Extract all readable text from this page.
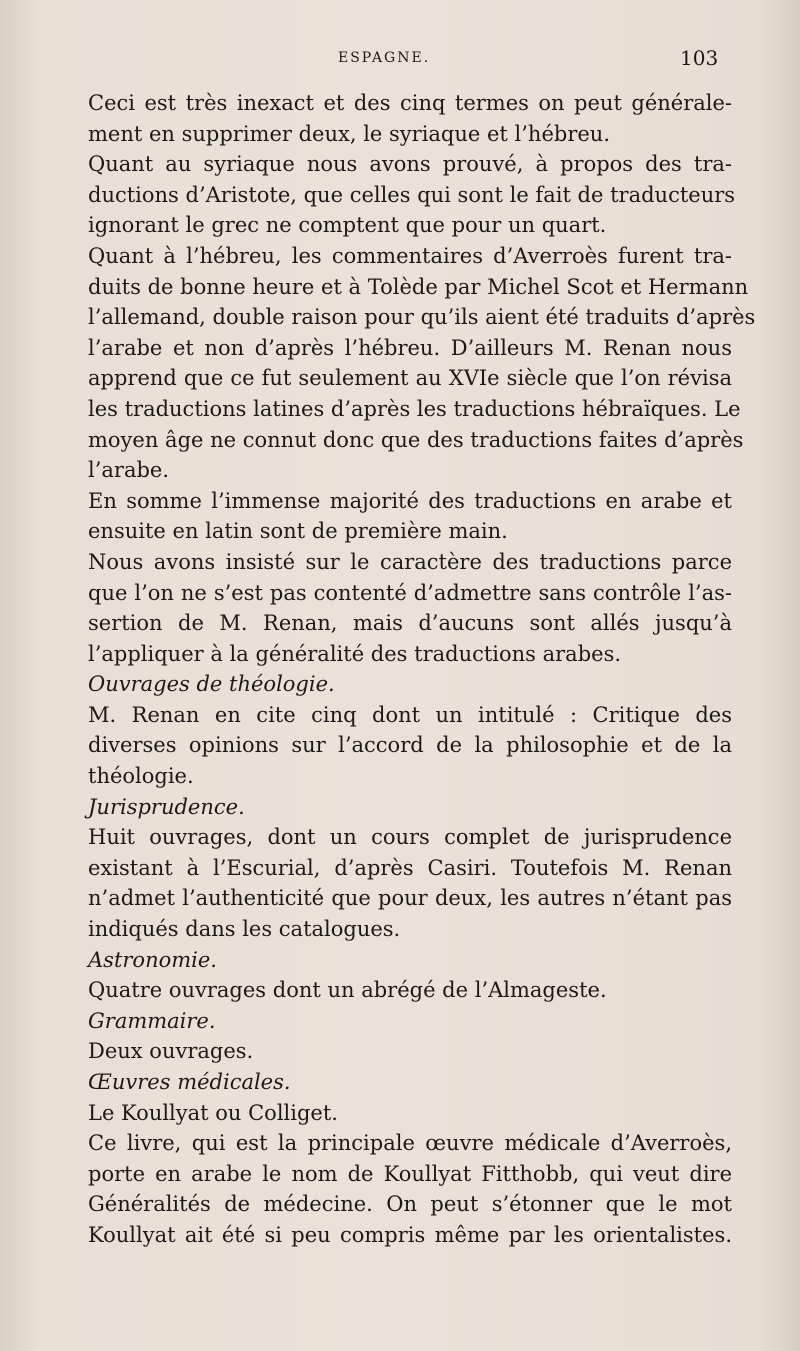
ESPAGNE.	103
Ceci est très inexact et des cinq termes on peut générale-
ment en supprimer deux, le syriaque et l’hébreu.
Quant au syriaque nous avons prouvé, à propos des tra-
ductions d’Aristote, que celles qui sont le fait de traducteurs
ignorant le grec ne comptent que pour un quart.
Quant à l’hébreu, les commentaires d’Averroès furent tra-
duits de bonne heure et à Tolède par Michel Scot et Hermann
l’allemand, double raison pour qu’ils aient été traduits d’après
l’arabe et non d’après l’hébreu. D’ailleurs M. Renan nous
apprend que ce fut seulement au XVIe siècle que l’on révisa
les traductions latines d’après les traductions hébraïques. Le
moyen âge ne connut donc que des traductions faites d’après
l’arabe.
En somme l’immense majorité des traductions en arabe et
ensuite en latin sont de première main.
Nous avons insisté sur le caractère des traductions parce
que l’on ne s’est pas contenté d’admettre sans contrôle l’as-
sertion de M. Renan, mais d’aucuns sont allés jusqu’à
l’appliquer à la généralité des traductions arabes.
Ouvrages de théologie.
M. Renan en cite cinq dont un intitulé : Critique des
diverses opinions sur l’accord de la philosophie et de la
théologie.
Jurisprudence.
Huit ouvrages, dont un cours complet de jurisprudence
existant à l’Escurial, d’après Casiri. Toutefois M. Renan
n’admet l’authenticité que pour deux, les autres n’étant pas
indiqués dans les catalogues.
Astronomie.
Quatre ouvrages dont un abrégé de l’Almageste.
Grammaire.
Deux ouvrages.
Œuvres médicales.
Le Koullyat ou Colliget.
Ce livre, qui est la principale œuvre médicale d’Averroès,
porte en arabe le nom de Koullyat Fitthobb, qui veut dire
Généralités de médecine. On peut s’étonner que le mot
Koullyat ait été si peu compris même par les orientalistes.
